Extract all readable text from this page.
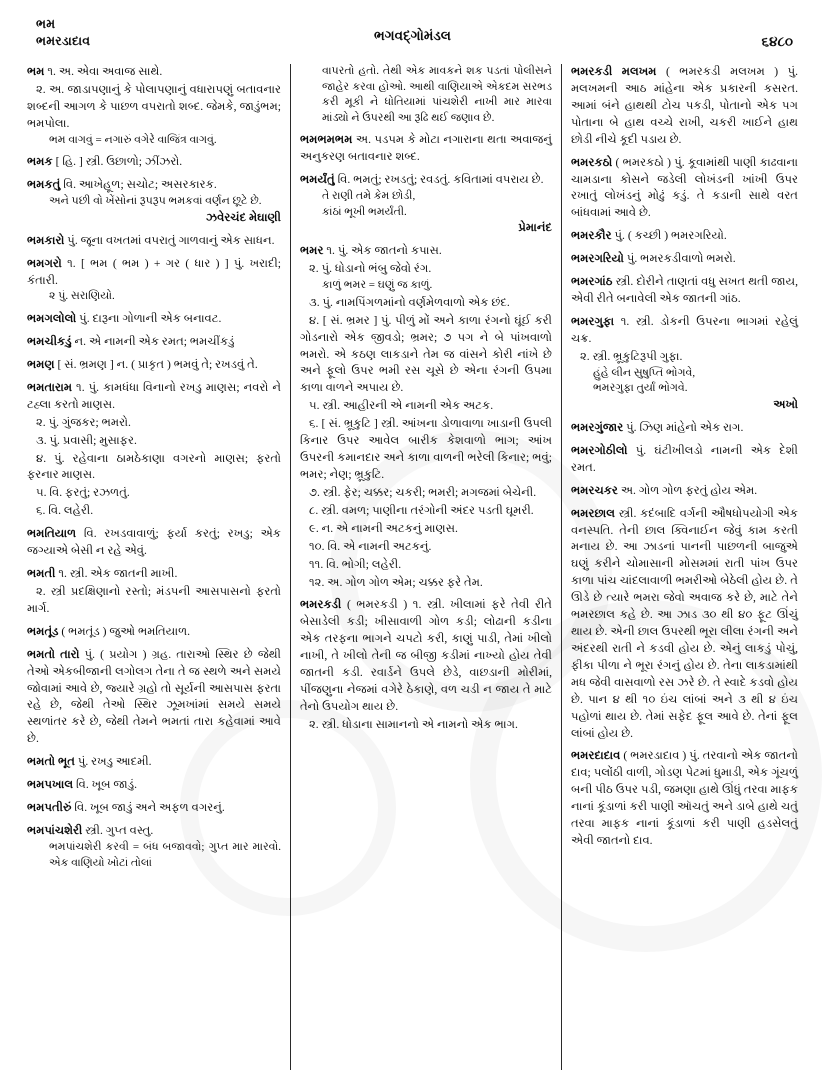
ભમ
ભમરડાદાવ	ભગવદ્ગોમંડલ	૬૪૮૦
ભમ ૧. અ. એવા અવાજ સાથે.
૨. અ. જાડાપણાનું કે પોલાપણાનું વધારાપણું બતાવનાર શબ્દની આગળ કે પાછળ વપરાતો શબ્દ. જેમકે, જાડુંભમ; ભમપોલા.
ભમ વાગવું = નગારું વગેરે વાજિંત્ર વાગવું.
ભમક [ હિ. ] સ્ત્રી. ઉછાળો; ઝીંઝરો.
ભમકતું વિ. આખેહૂળ; સચોટ; અસરકારક.
અને પછી વો ખેંસોનાં રૂપરૂપ ભમકવાં વર્ણન છૂટે છે.
ઝવેરચંદ મેઘાણી
ભમકારો પું. જૂના વખતમાં વપરાતું ગાળવાનું એક સાધન.
ભમગરો ૧. [ ભમ ( ભમ ) + ગર ( ધાર ) ] પું. ખરાદી; કંતારી.
૨ પું. સરાણિયો.
ભમગલોલો પું. દારૂના ગોળાની એક બનાવટ.
ભમચીકડું ન. એ નામની એક રમત; ભમચીંકડું
ભમણ [ સં. ભ્રમણ ] ન. ( પ્રાકૃત ) ભમવું તે; રખડવું તે.
ભમતારામ ૧. પું. કામધંધા વિનાનો રખડુ માણસ; નવરો ને ટહ્લા કરતો માણસ.
૨. પું. ગુંજકર; ભમરો.
૩. પું. પ્રવાસી; મુસાફર.
૪. પું. રહેવાના ઠામઠેકાણા વગરનો માણસ; ફરતો ફરનાર માણસ.
૫. વિ. ફરતું; રઝળતું.
૬. વિ. લહેરી.
ભમતિયાળ વિ. રખડવાવાળું; ફર્યા કરતું; રખડુ; એક જગ્યાએ બેસી ન રહે એવું.
ભમતી ૧. સ્ત્રી. એક જાતની માખી.
૨. સ્ત્રી પ્રદક્ષિણાનો રસ્તો; મંડપની આસપાસનો ફરતો માર્ગ.
ભમતૂંડ ( ભમતૂંડ ) જુઓ ભમતિયાળ.
ભમતો તારો પું. ( પ્રયોગ ) ગ્રહ. તારાઓ સ્થિર છે જેથી તેઓ એકબીજાની લગોલગ તેના તે જ સ્થળે અને સમયે જોવામાં આવે છે, જ્યારે ગ્રહો તો સૂર્યની આસપાસ ફરતા રહે છે, જેથી તેઓ સ્થિર ઝૂમખાંમાં સમયે સમયે સ્થળાંતર કરે છે, જેથી તેમને ભમતાં તારા કહેવામાં આવે છે.
ભમતો ભૂત પું. રખડુ આદમી.
ભમપખાલ વિ. ખૂબ જાડું.
ભમપતીરું વિ. ખૂબ જાડું અને અફળ વગરનું.
ભમપાંચશેરી સ્ત્રી. ગુપ્ત વસ્તુ.
ભમપાંચશેરી કરવી = બંધ બજાવવો; ગુપ્ત માર મારવો. એક વાણિયો ખોટાં તોલાં
વાપરતો હતો. તેથી એક માવકને શક પડતાં પોલીસને જાહેર કરવા હોઓ. આથી વાણિયાએ એકદમ સરભડ કરી મૂકી ને ધોતિયામાં પાંચશેરી નાખી માર મારવા માંડ્યો ને ઉપરથી આ રૂઢિ થઈ જણાવ છે.
ભમભમભમ અ. પડપમ કે મોટા નગારાના થતા અવાજનું અનુકરણ બતાવનાર શબ્દ.
ભમર્યંતું વિ. ભમતું; રખડતું; રવડતું. કવિતામાં વપરાય છે.
તે રાણી તમે કેમ છોડી,
કાંઠાં ભૂખી ભમર્યંતી.
પ્રેમાનંદ
ભમર ૧. પું. એક જાતનો કપાસ.
૨. પું. ધોડાનો ભંબુ જેવો રંગ.
કાળું ભમર = ઘણું જ કાળું.
૩. પું. નામપિંગળમાંનો વર્ણમેળવાળો એક છંદ.
૪. [ સં. ભ્રમર ] પું. પીળું મોં અને કાળા રંગનો ઘૂંઈ કરી ગોડનારો એક જીવડો; ભ્રમર; ૭ પગ ને બે પાંખવાળો ભમરો. એ કઠણ લાકડાને તેમ જ વાંસને કોરી નાંખે છે અને ફૂલો ઉપર ભમી રસ ચૂસે છે એના રંગની ઉપમા કાળા વાળને અપાય છે.
૫. સ્ત્રી. આહીરની એ નામની એક અટક.
૬. [ સં. ભ્રૂકુટિ ] સ્ત્રી. આંખના ડોળાવાળા ખાડાની ઉપલી કિનાર ઉપર આવેલ બારીક કેશવાળો ભાગ; આંખ ઉપરની કમાનદાર અને કાળા વાળની ભરેલી કિનાર; ભવું; ભમર; નેણ; ભ્રૂકુટિ.
૭. સ્ત્રી. ફેર; ચક્કર; ચકરી; ભમરી; મગજમાં બેચેની.
૮. સ્ત્રી. વમળ; પાણીના તરંગોની અંદર પડતી ઘૂમરી.
૯. ન. એ નામની અટકનું માણસ.
૧૦. વિ. એ નામની અટકનું.
૧૧. વિ. ભોગી; લહેરી.
૧૨. અ. ગોળ ગોળ એમ; ચક્કર ફરે તેમ.
ભમરકડી ( ભમરકડી ) ૧. સ્ત્રી. ખીલામાં ફરે તેવી રીતે બેસાડેલી કડી; ખીસાવાળી ગોળ કડી; લોઢાની કડીના એક તરફના ભાગને ચપટો કરી, કાણું પાડી, તેમાં ખીલો નાખી, તે ખીલો તેની જ બીજી કડીમાં નાખ્યો હોય તેવી જાતની કડી. રવાર્ડને ઉપલે છેડે, વાછડાની મોરીમાં, પીંજણુના નેજમાં વગેરે ઠેકાણે, વળ ચડી ન જાય તે માટે તેનો ઉપયોગ થાય છે.
૨. સ્ત્રી. ધોડાના સામાનનો એ નામનો એક ભાગ.
ભમરકડી મલખમ ( ભમરકડી મલખમ ) પું. મલખમની આઠ માંહેના એક પ્રકારની કસરત. આમાં બંને હાથથી ટોચ પકડી, પોતાનો એક પગ પોતાના બે હાથ વચ્ચે રાખી, ચકરી ખાઈને હાથ છોડી નીચે કૂદી પડાય છે.
ભમરકઠો ( ભમરકઠો ) પું. કૂવામાંથી પાણી કાઢવાના ચામડાના કોસને જડેલી લોખંડની ખાંખી ઉપર રખાતું લોખંડનું મોઢું કડું. તે કડાની સાથે વરત બાંધવામાં આવે છે.
ભમરકૌર પું. ( કચ્છી ) ભમરગરિયો.
ભમરગરિયો પું. ભમરકડીવાળો ભમરો.
ભમરગાંઠ સ્ત્રી. દોરીને તાણતાં વધુ સખત થતી જાય, એવી રીતે બનાવેલી એક જાતની ગાંઠ.
ભમરગુફા ૧. સ્ત્રી. ડોકની ઉપરના ભાગમાં રહેલું ચક્ર.
૨. સ્ત્રી. ભ્રૂકુટિરૂપી ગુફા.
હુંહે લીન સુષુપ્તિ ભોગવે,
ભમરગુફા તુર્યાં ભોગવે.
અખો
ભમરગુંજાર પું. ઝિણ માંહેનો એક રાગ.
ભમરગોઠીલો પું. ઘંટીખીલડો નામની એક દેશી રમત.
ભમરચકર અ. ગોળ ગોળ ફરતું હોય એમ.
ભમરછાલ સ્ત્રી. કદંબાદિ વર્ગની ઔષધોપયોગી એક વનસ્પતિ. તેની છાલ ક્વિનાઈન જેવું કામ કરતી મનાય છે. આ ઝાડનાં પાનની પાછળની બાજુએ ઘણું કરીને ચોમાસાની મોસમમાં રાતી પાંખ ઉપર કાળા પાંચ ચાંદલાવાળી ભમરીઓ બેઠેલી હોય છે. તે ઊડે છે ત્યારે ભમરા જેવો અવાજ કરે છે, માટે તેને ભમરછાલ કહે છે. આ ઝાડ ૩૦ થી ૪૦ ફૂટ ઊંચું થાય છે. એની છાલ ઉપરથી ભૂરા લીલા રંગની અને અંદરથી રાતી ને કડવી હોય છે. એનું લાકડું પોચું, ફીકા પીળા ને ભૂરા રંગનું હોય છે. તેના લાકડામાંથી મધ જેવી વાસવાળો રસ ઝરે છે. તે સ્વાદે કડવો હોય છે. પાન ૪ થી ૧૦ ઇંચ લાંબાં અને ૩ થી ૪ ઇંચ પહોળાં થાય છે. તેમાં સફેદ ફૂલ આવે છે. તેનાં ફૂલ લાંબાં હોય છે.
ભમરદાદાવ ( ભમરડાદાવ ) પું. તરવાનો એક જાતનો દાવ; પલોંઠી વાળી, ગોડણ પેટમાં ધુમાડી, એક ગૂંચળું બની પીઠ ઉપર પડી, જમણા હાથે ઊંધું તરવા માફક નાનાં કૂંડાળાં કરી પાણી ઑચતું અને ડાબે હાથે ચતું તરવા માફક નાનાં કૂંડાળાં કરી પાણી હડસેલતું એવી જાતનો દાવ.
